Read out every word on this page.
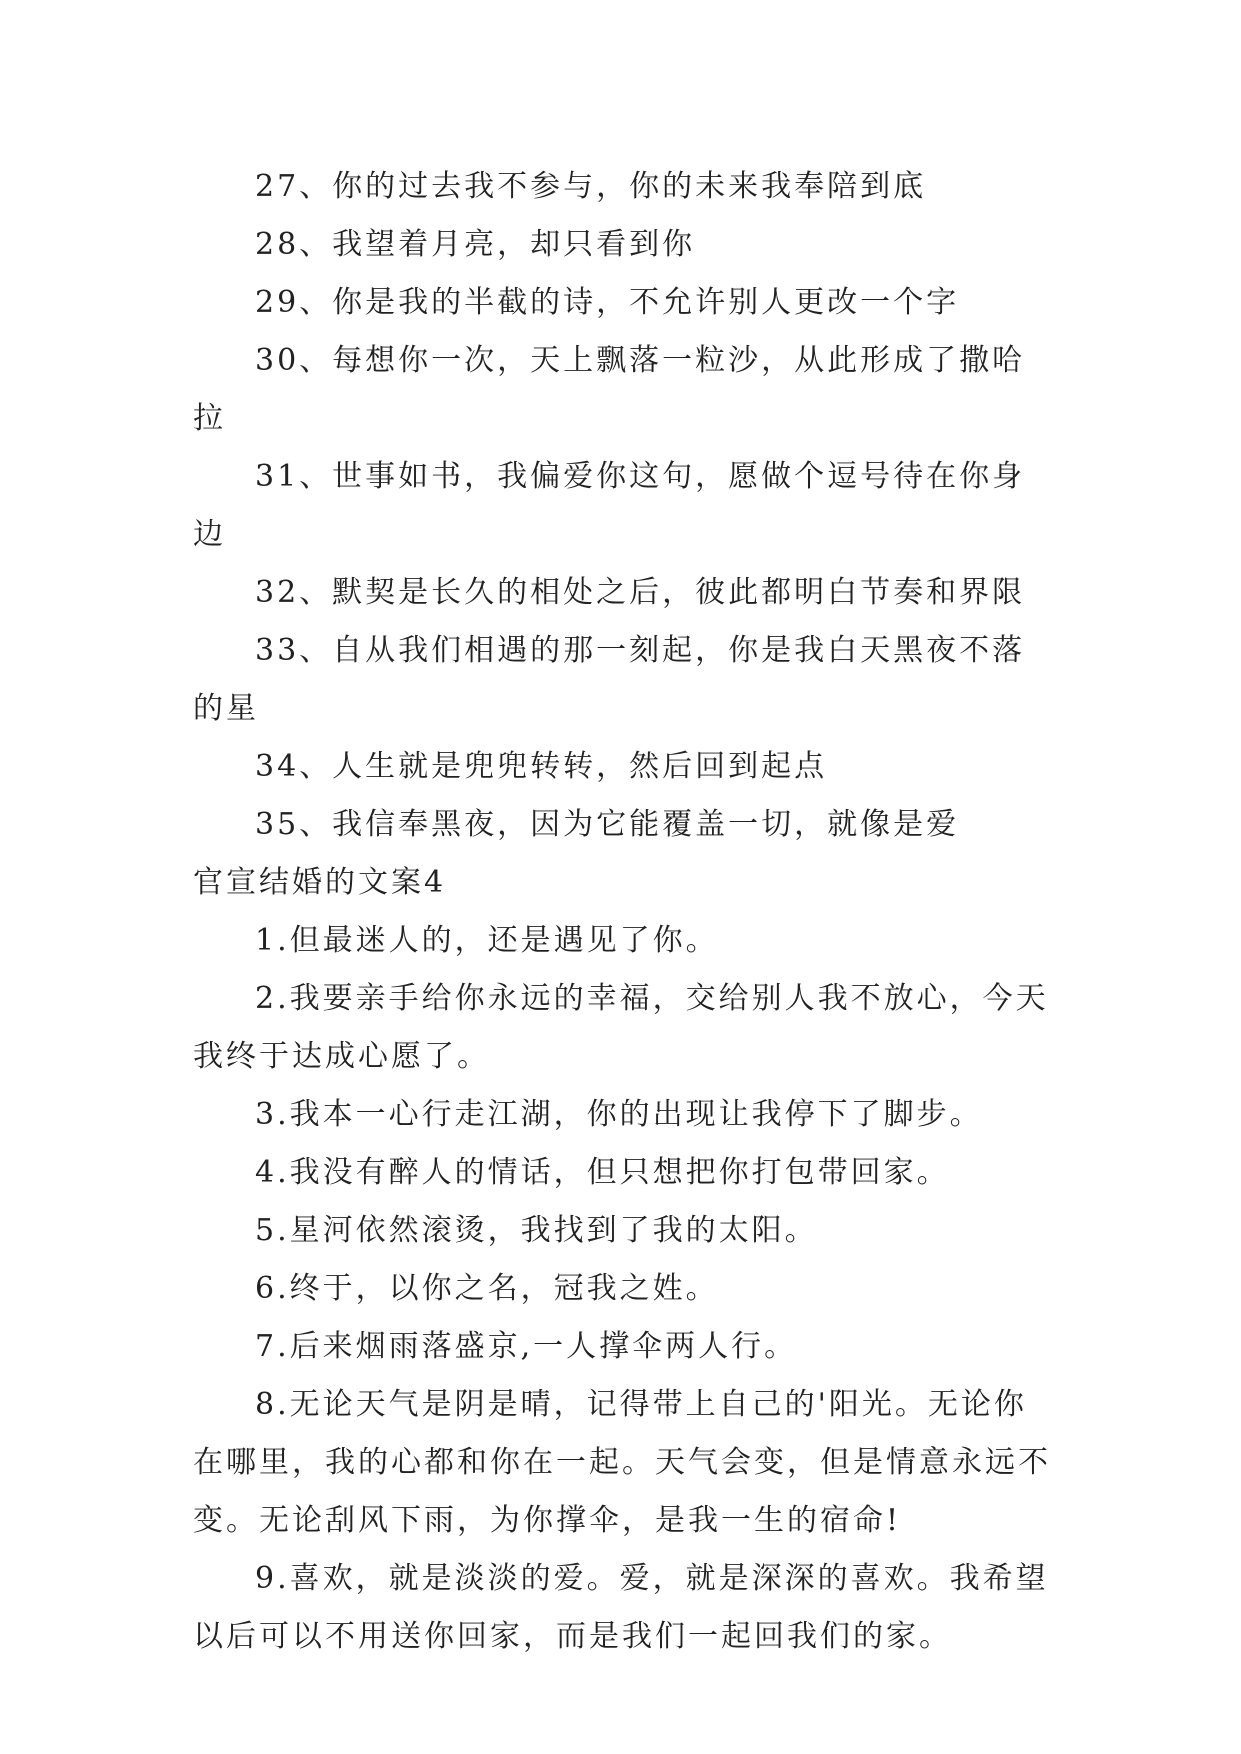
27、你的过去我不参与，你的未来我奉陪到底

28、我望着月亮，却只看到你

29、你是我的半截的诗，不允许别人更改一个字

30、每想你一次，天上飘落一粒沙，从此形成了撒哈拉

31、世事如书，我偏爱你这句，愿做个逗号待在你身边

32、默契是长久的相处之后，彼此都明白节奏和界限

33、自从我们相遇的那一刻起，你是我白天黑夜不落的星

34、人生就是兜兜转转，然后回到起点

35、我信奉黑夜，因为它能覆盖一切，就像是爱

官宣结婚的文案4

1.但最迷人的，还是遇见了你。

2.我要亲手给你永远的幸福，交给别人我不放心，今天我终于达成心愿了。

3.我本一心行走江湖，你的出现让我停下了脚步。

4.我没有醉人的情话，但只想把你打包带回家。

5.星河依然滚烫，我找到了我的太阳。

6.终于，以你之名，冠我之姓。

7.后来烟雨落盛京,一人撑伞两人行。

8.无论天气是阴是晴，记得带上自己的'阳光。无论你在哪里，我的心都和你在一起。天气会变，但是情意永远不变。无论刮风下雨，为你撑伞，是我一生的宿命!

9.喜欢，就是淡淡的爱。爱，就是深深的喜欢。我希望以后可以不用送你回家，而是我们一起回我们的家。
